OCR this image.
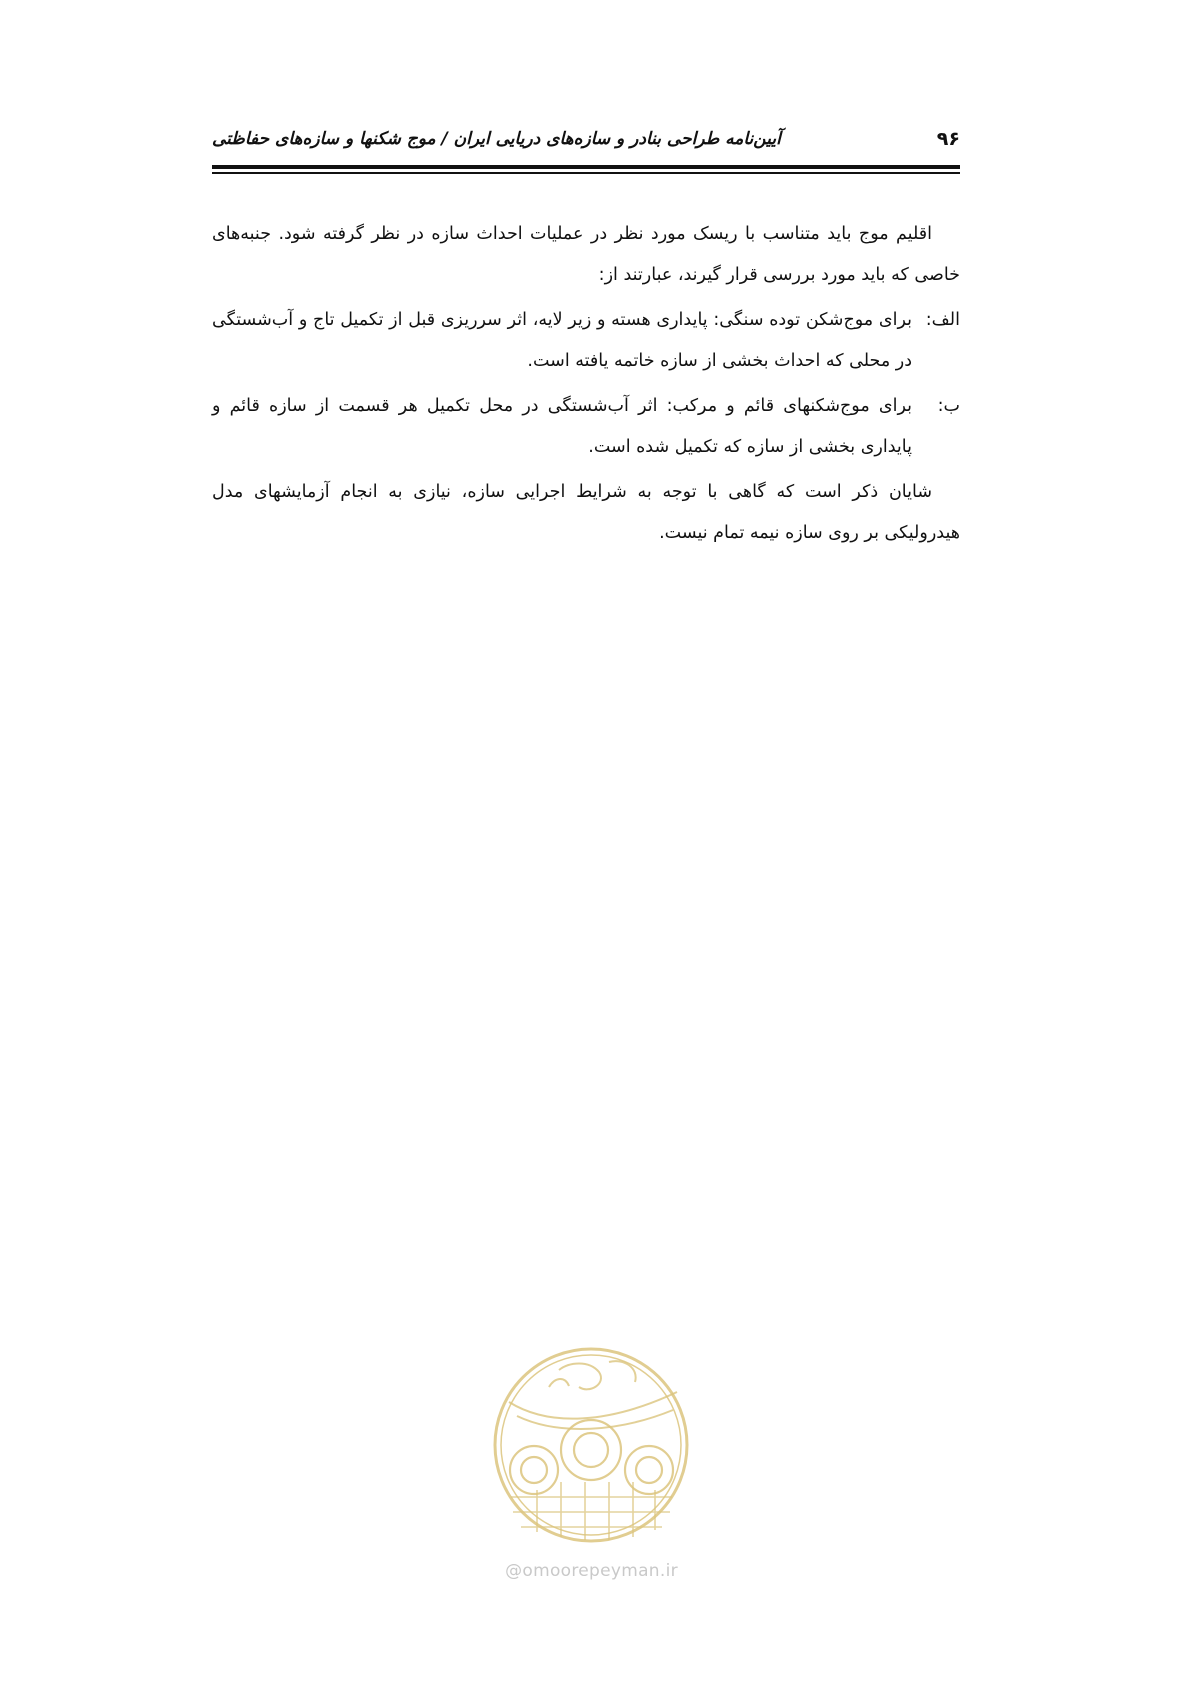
۹۶
آیین‌نامه طراحی بنادر و سازه‌های دریایی ایران / موج شکنها و سازه‌های حفاظتی

اقلیم موج باید متناسب با ریسک مورد نظر در عملیات احداث سازه در نظر گرفته شود. جنبه‌های خاصی که باید مورد بررسی قرار گیرند، عبارتند از:

الف:
برای موج‌شکن توده سنگی: پایداری هسته و زیر لایه، اثر سرریزی قبل از تکمیل تاج و آب‌شستگی در محلی که احداث بخشی از سازه خاتمه یافته است.
ب:
برای موج‌شکنهای قائم و مرکب: اثر آب‌شستگی در محل تکمیل هر قسمت از سازه قائم و پایداری بخشی از سازه که تکمیل شده است.

شایان ذکر است که گاهی با توجه به شرایط اجرایی سازه، نیازی به انجام آزمایشهای مدل هیدرولیکی بر روی سازه نیمه تمام نیست.

@omoorepeyman.ir
